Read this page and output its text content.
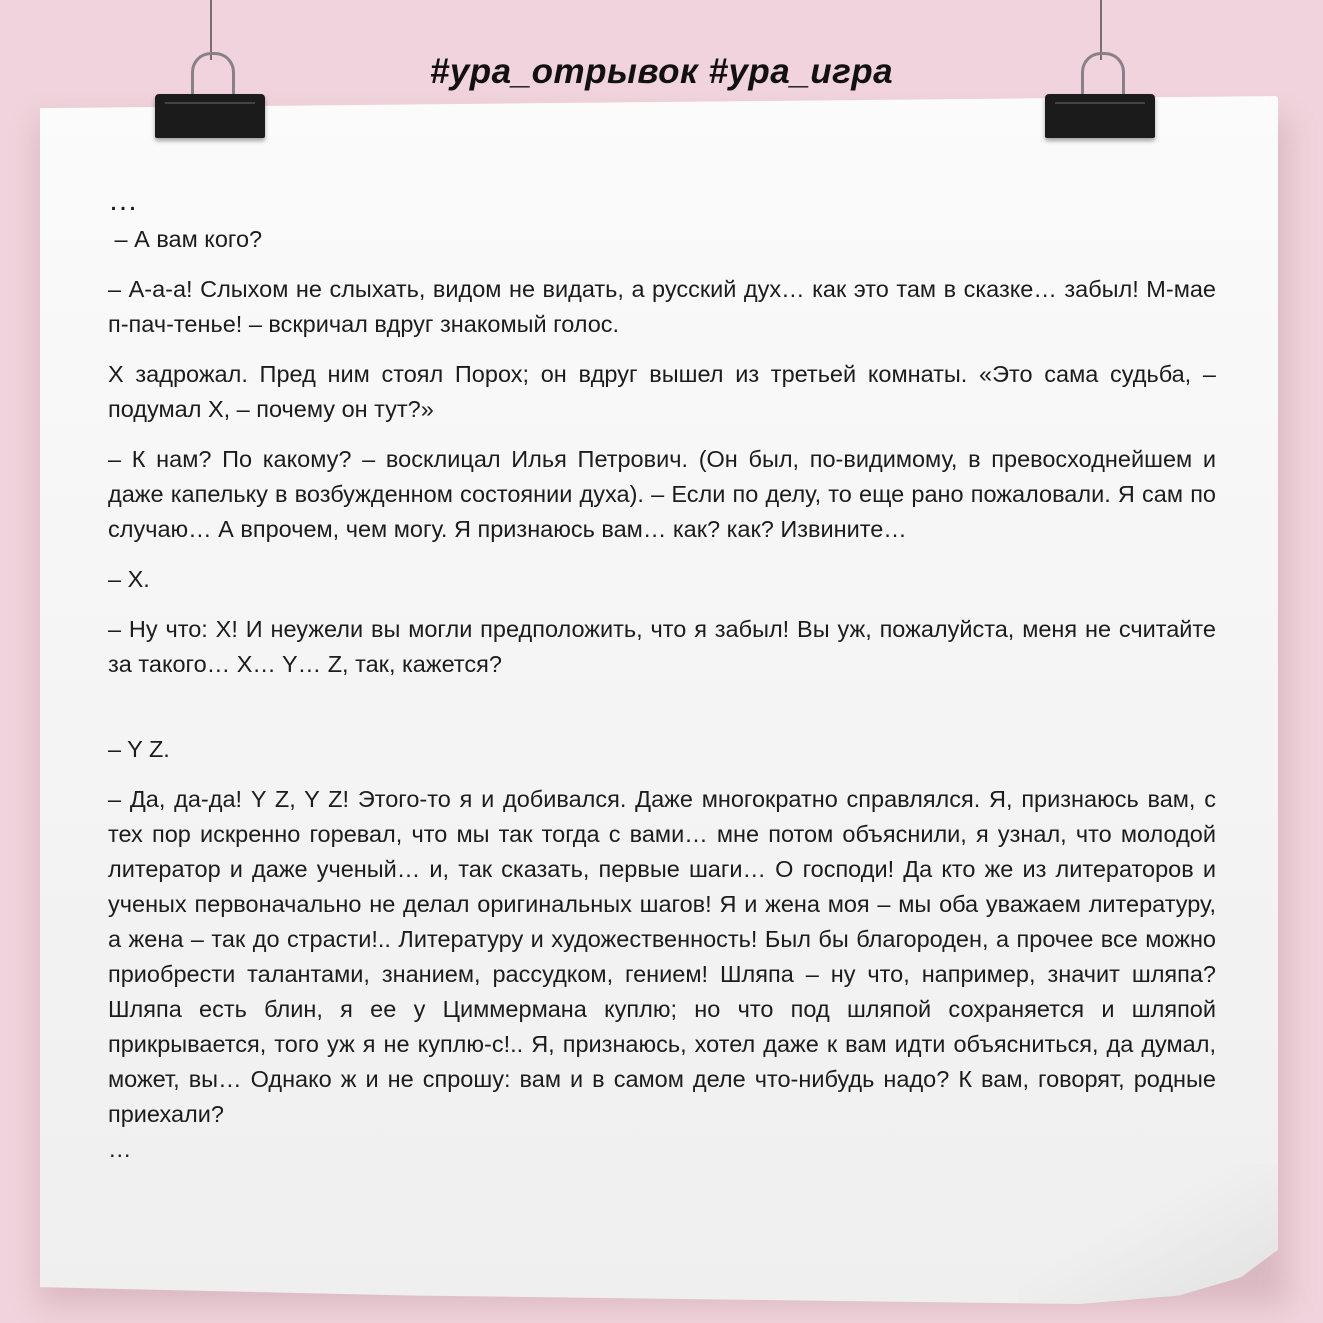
#ура_отрывок #ура_игра

…

– А вам кого?

– А-а-а! Слыхом не слыхать, видом не видать, а русский дух… как это там в сказке… забыл! М-мае п-пач-тенье! – вскричал вдруг знакомый голос.

X задрожал. Пред ним стоял Порох; он вдруг вышел из третьей комнаты. «Это сама судьба, – подумал X, – почему он тут?»

– К нам? По какому? – восклицал Илья Петрович. (Он был, по-видимому, в превосходнейшем и даже капельку в возбужденном состоянии духа). – Если по делу, то еще рано пожаловали. Я сам по случаю… А впрочем, чем могу. Я признаюсь вам… как? как? Извините…

– X.

– Ну что: X! И неужели вы могли предположить, что я забыл! Вы уж, пожалуйста, меня не считайте за такого… X… Y… Z, так, кажется?

– Y Z.

– Да, да-да! Y Z, Y Z! Этого-то я и добивался. Даже многократно справлялся. Я, признаюсь вам, с тех пор искренно горевал, что мы так тогда с вами… мне потом объяснили, я узнал, что молодой литератор и даже ученый… и, так сказать, первые шаги… О господи! Да кто же из литераторов и ученых первоначально не делал оригинальных шагов! Я и жена моя – мы оба уважаем литературу, а жена – так до страсти!.. Литературу и художественность! Был бы благороден, а прочее все можно приобрести талантами, знанием, рассудком, гением! Шляпа – ну что, например, значит шляпа? Шляпа есть блин, я ее у Циммермана куплю; но что под шляпой сохраняется и шляпой прикрывается, того уж я не куплю-с!.. Я, признаюсь, хотел даже к вам идти объясниться, да думал, может, вы… Однако ж и не спрошу: вам и в самом деле что-нибудь надо? К вам, говорят, родные приехали?

…
